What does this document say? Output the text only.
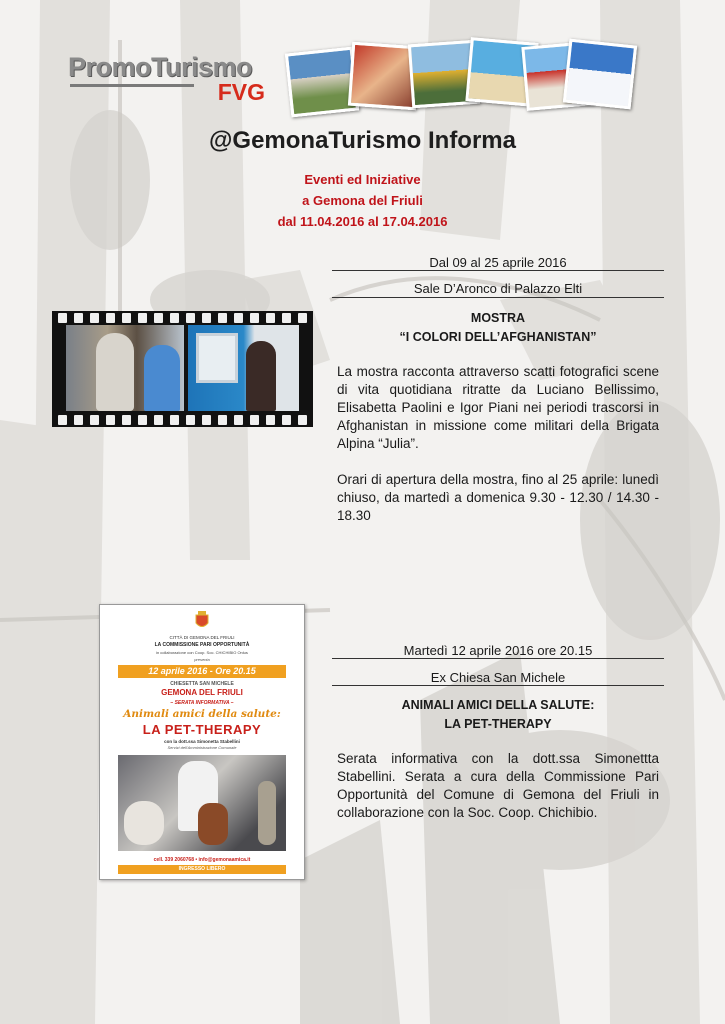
PromoTurismo
FVG
@GemonaTurismo Informa
Eventi ed Iniziative
a Gemona del Friuli
dal 11.04.2016 al 17.04.2016
Dal 09 al 25 aprile 2016
Sale D’Aronco di Palazzo Elti
MOSTRA
“I COLORI DELL’AFGHANISTAN”
La mostra racconta attraverso scatti fotografici scene di vita quotidiana ritratte da Luciano Bellissimo, Elisabetta Paolini e Igor Piani nei periodi trascorsi in Afghanistan in missione come militari della Brigata Alpina “Julia”.
Orari di apertura della mostra, fino al 25 aprile: lunedì chiuso, da martedì a domenica 9.30 - 12.30 / 14.30 - 18.30
Martedì 12 aprile 2016 ore 20.15
Ex Chiesa San Michele
ANIMALI AMICI DELLA SALUTE:
LA PET-THERAPY
Serata informativa con la dott.ssa Simonettta Stabellini. Serata a cura della Commissione Pari Opportunità del Comune di Gemona del Friuli in collaborazione con la Soc. Coop. Chichibio.
CITTÀ DI GEMONA DEL FRIULI
LA COMMISSIONE PARI OPPORTUNITÀ
in collaborazione con Coop. Soc. CHICHIBIO Onlus
presenta
12 aprile 2016 - Ore 20.15
CHIESETTA SAN MICHELE
GEMONA DEL FRIULI
– SERATA INFORMATIVA –
Animali amici della salute:
LA PET-THERAPY
con la dott.ssa Simonetta Stabellini
Servizi dell'Amministrazione Comunale
cell. 339 2060768 • info@gemonaamica.it
INGRESSO LIBERO
